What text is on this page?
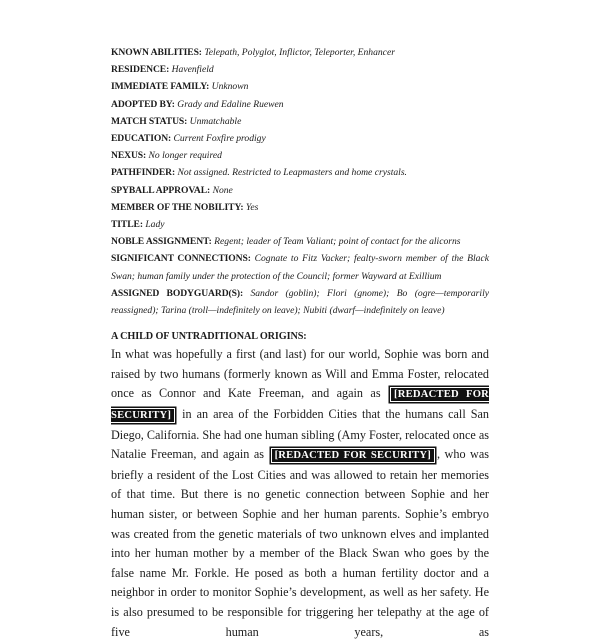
KNOWN ABILITIES: Telepath, Polyglot, Inflictor, Teleporter, Enhancer

RESIDENCE: Havenfield

IMMEDIATE FAMILY: Unknown

ADOPTED BY: Grady and Edaline Ruewen

MATCH STATUS: Unmatchable

EDUCATION: Current Foxfire prodigy

NEXUS: No longer required

PATHFINDER: Not assigned. Restricted to Leapmasters and home crystals.

SPYBALL APPROVAL: None

MEMBER OF THE NOBILITY: Yes

TITLE: Lady

NOBLE ASSIGNMENT: Regent; leader of Team Valiant; point of contact for the alicorns

SIGNIFICANT CONNECTIONS: Cognate to Fitz Vacker; fealty-sworn member of the Black Swan; human family under the protection of the Council; former Wayward at Exillium

ASSIGNED BODYGUARD(S): Sandor (goblin); Flori (gnome); Bo (ogre—temporarily reassigned); Tarina (troll—indefinitely on leave); Nubiti (dwarf—indefinitely on leave)

A CHILD OF UNTRADITIONAL ORIGINS:

In what was hopefully a first (and last) for our world, Sophie was born and raised by two humans (formerly known as Will and Emma Foster, relocated once as Connor and Kate Freeman, and again as [REDACTED FOR SECURITY] in an area of the Forbidden Cities that the humans call San Diego, California. She had one human sibling (Amy Foster, relocated once as Natalie Freeman, and again as [REDACTED FOR SECURITY] , who was briefly a resident of the Lost Cities and was allowed to retain her memories of that time. But there is no genetic connection between Sophie and her human sister, or between Sophie and her human parents. Sophie’s embryo was created from the genetic materials of two unknown elves and implanted into her human mother by a member of the Black Swan who goes by the false name Mr. Forkle. He posed as both a human fertility doctor and a neighbor in order to monitor Sophie’s development, as well as her safety. He is also presumed to be responsible for triggering her telepathy at the age of five human years, as
